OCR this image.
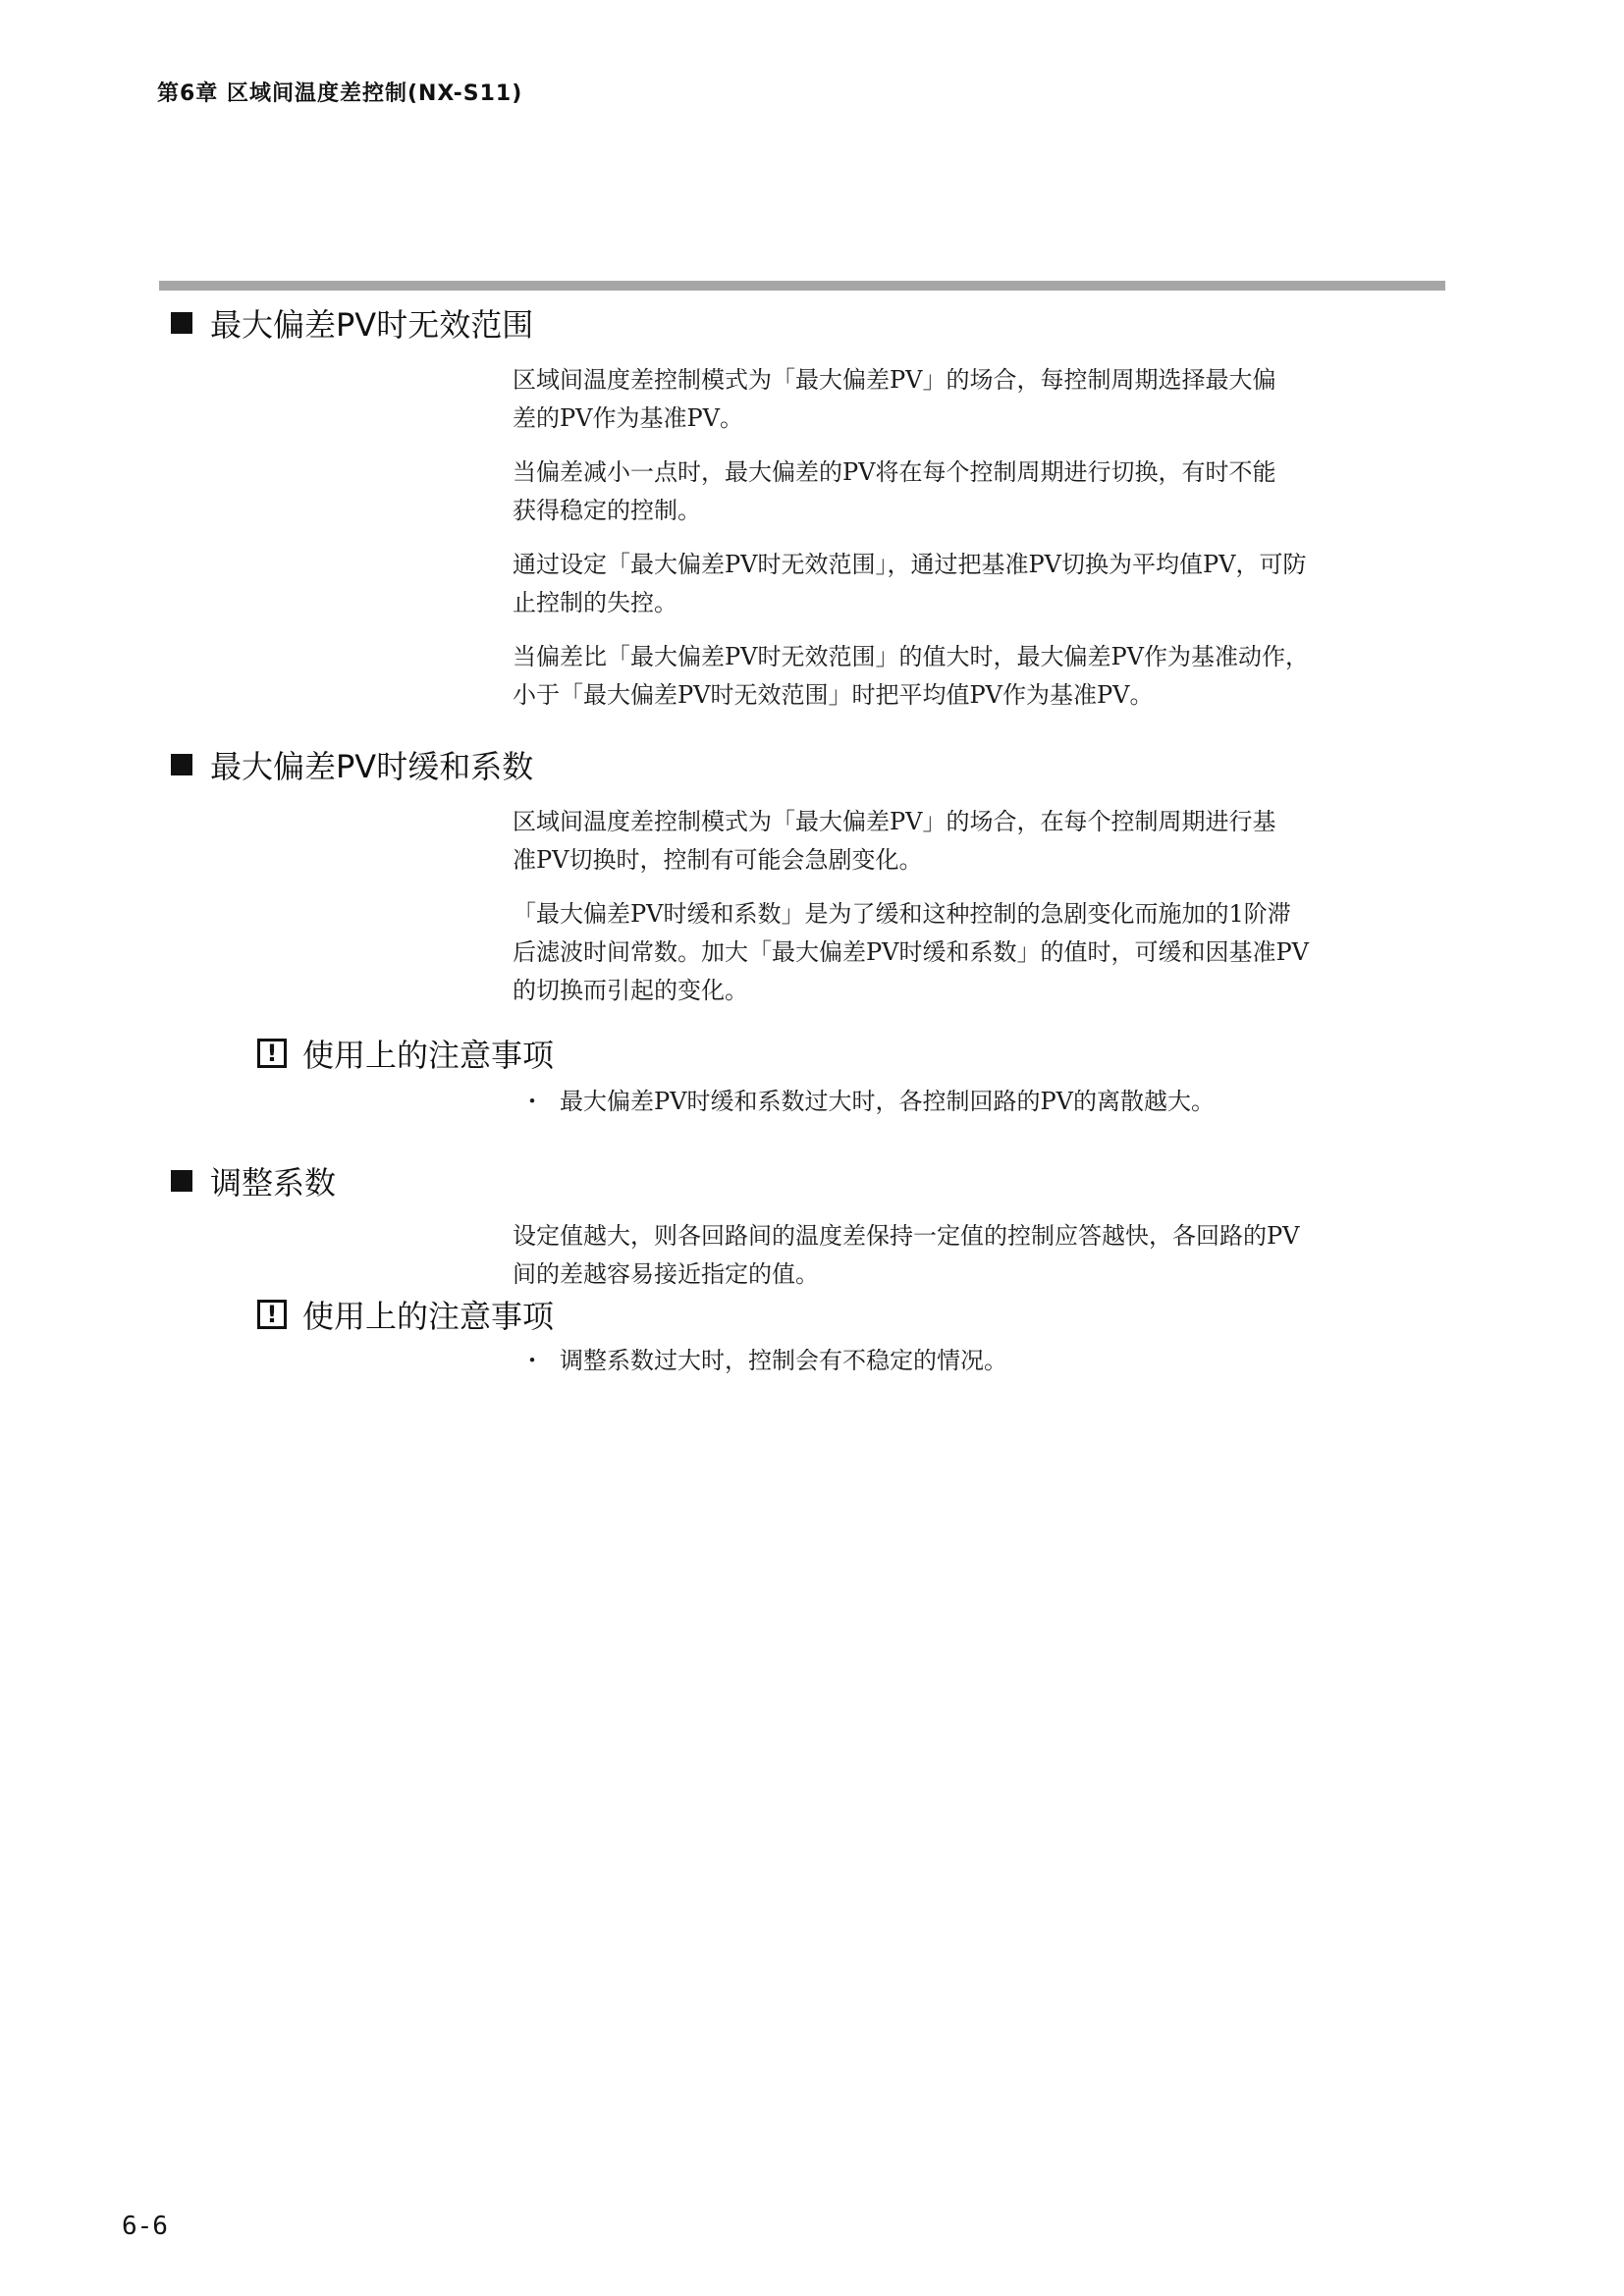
第6章 区域间温度差控制(NX-S11)
最大偏差PV时无效范围
区域间温度差控制模式为「最大偏差PV」的场合，每控制周期选择最大偏
差的PV作为基准PV。
当偏差减小一点时，最大偏差的PV将在每个控制周期进行切换，有时不能
获得稳定的控制。
通过设定「最大偏差PV时无效范围」，通过把基准PV切换为平均值PV，可防
止控制的失控。
当偏差比「最大偏差PV时无效范围」的值大时，最大偏差PV作为基准动作，
小于「最大偏差PV时无效范围」时把平均值PV作为基准PV。
最大偏差PV时缓和系数
区域间温度差控制模式为「最大偏差PV」的场合，在每个控制周期进行基
准PV切换时，控制有可能会急剧变化。
「最大偏差PV时缓和系数」是为了缓和这种控制的急剧变化而施加的1阶滞
后滤波时间常数。加大「最大偏差PV时缓和系数」的值时，可缓和因基准PV
的切换而引起的变化。
! 使用上的注意事项
・ 最大偏差PV时缓和系数过大时，各控制回路的PV的离散越大。
调整系数
设定值越大，则各回路间的温度差保持一定值的控制应答越快，各回路的PV
间的差越容易接近指定的值。
! 使用上的注意事项
・ 调整系数过大时，控制会有不稳定的情况。
6-6
